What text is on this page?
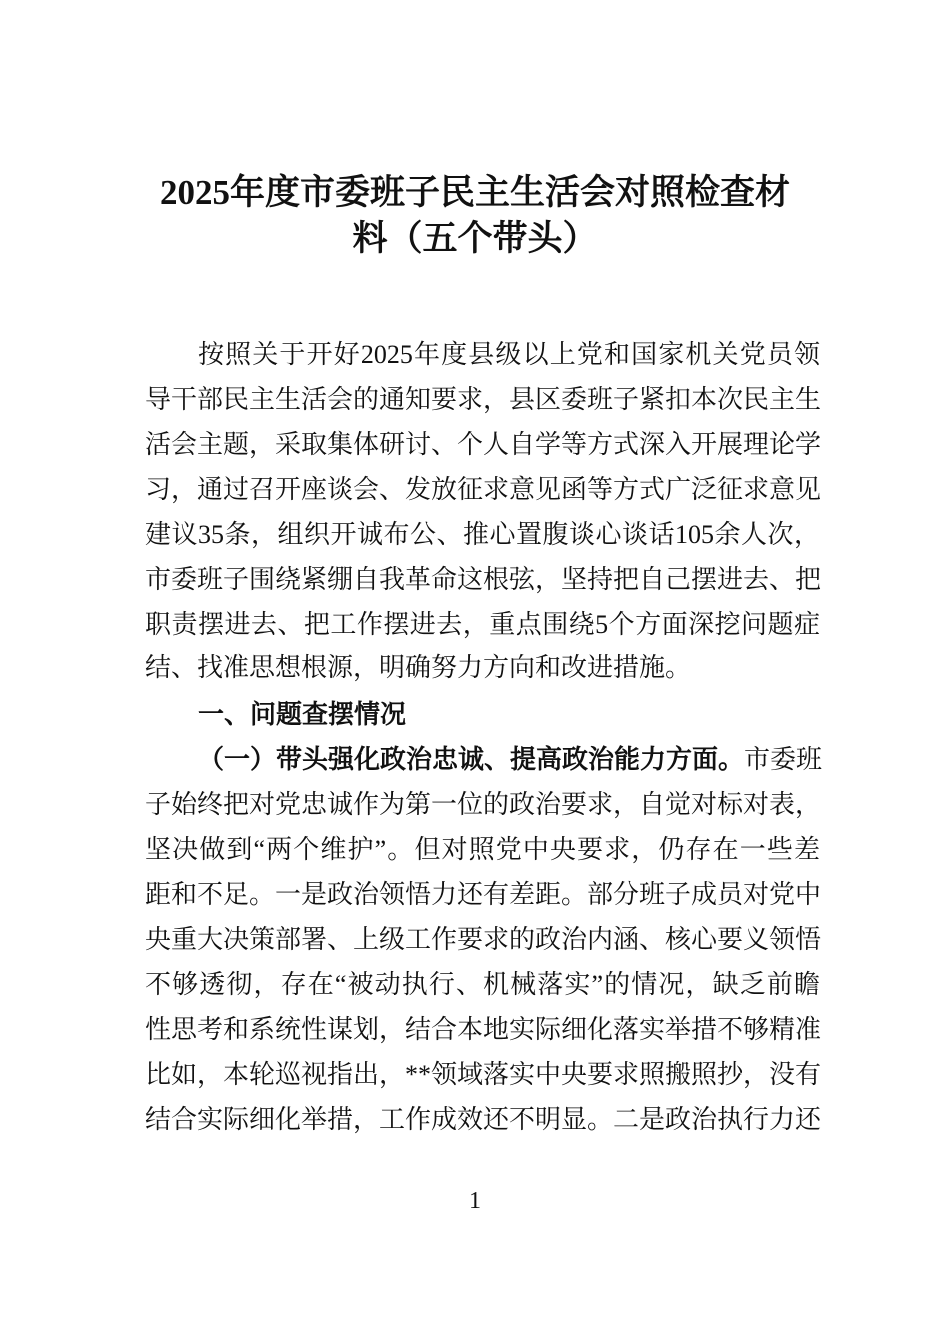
2025年度市委班子民主生活会对照检查材
料（五个带头）
按照关于开好2025年度县级以上党和国家机关党员领
导干部民主生活会的通知要求，县区委班子紧扣本次民主生
活会主题，采取集体研讨、个人自学等方式深入开展理论学
习，通过召开座谈会、发放征求意见函等方式广泛征求意见
建议35条，组织开诚布公、推心置腹谈心谈话105余人次，
市委班子围绕紧绷自我革命这根弦，坚持把自己摆进去、把
职责摆进去、把工作摆进去，重点围绕5个方面深挖问题症
结、找准思想根源，明确努力方向和改进措施。
一、问题查摆情况
（一）带头强化政治忠诚、提高政治能力方面。市委班
子始终把对党忠诚作为第一位的政治要求，自觉对标对表，
坚决做到“两个维护”。但对照党中央要求，仍存在一些差
距和不足。一是政治领悟力还有差距。部分班子成员对党中
央重大决策部署、上级工作要求的政治内涵、核心要义领悟
不够透彻，存在“被动执行、机械落实”的情况，缺乏前瞻
性思考和系统性谋划，结合本地实际细化落实举措不够精准
比如，本轮巡视指出，**领域落实中央要求照搬照抄，没有
结合实际细化举措，工作成效还不明显。二是政治执行力还
1
